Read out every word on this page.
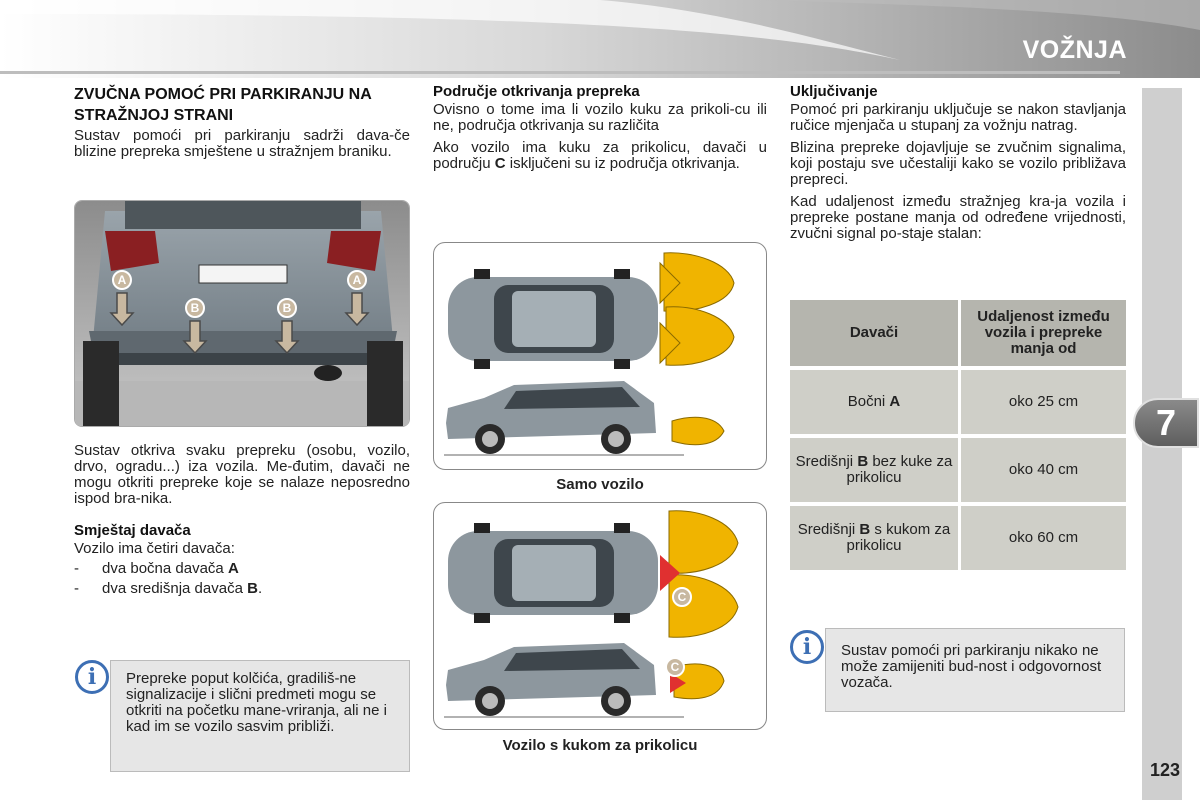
VOŽNJA
7
123
ZVUČNA POMOĆ PRI PARKIRANJU NA STRAŽNJOJ STRANI

Sustav pomoći pri parkiranju sadrži dava-če blizine prepreka smještene u stražnjem braniku.

A	A
B	B

Sustav otkriva svaku prepreku (osobu, vozilo, drvo, ogradu...) iza vozila. Me-đutim, davači ne mogu otkriti prepreke koje se nalaze neposredno ispod bra-nika.

Smještaj davača

Vozilo ima četiri davača:

-	dva bočna davača A
-	dva središnja davača B.
Prepreke poput kolčića, gradiliš-ne signalizacije i slični predmeti mogu se otkriti na početku mane-vriranja, ali ne i kad im se vozilo sasvim približi.
i
Područje otkrivanja prepreka

Ovisno o tome ima li vozilo kuku za prikoli-cu ili ne, područja otkrivanja su različita

Ako vozilo ima kuku za prikolicu, davači u području C isključeni su iz područja otkrivanja.

Samo vozilo
C
C
Vozilo s kukom za prikolicu
Uključivanje

Pomoć pri parkiranju uključuje se nakon stavljanja ručice mjenjača u stupanj za vožnju natrag.

Blizina prepreke dojavljuje se zvučnim signalima, koji postaju sve učestaliji kako se vozilo približava prepreci.

Kad udaljenost između stražnjeg kra-ja vozila i prepreke postane manja od određene vrijednosti, zvučni signal po-staje stalan:

Davači	Udaljenost između vozila i prepreke manja od
Bočni A	oko 25 cm
Središnji B bez kuke za prikolicu	oko 40 cm
Središnji B s kukom za prikolicu	oko 60 cm
Sustav pomoći pri parkiranju nikako ne može zamijeniti bud-nost i odgovornost vozača.
i
